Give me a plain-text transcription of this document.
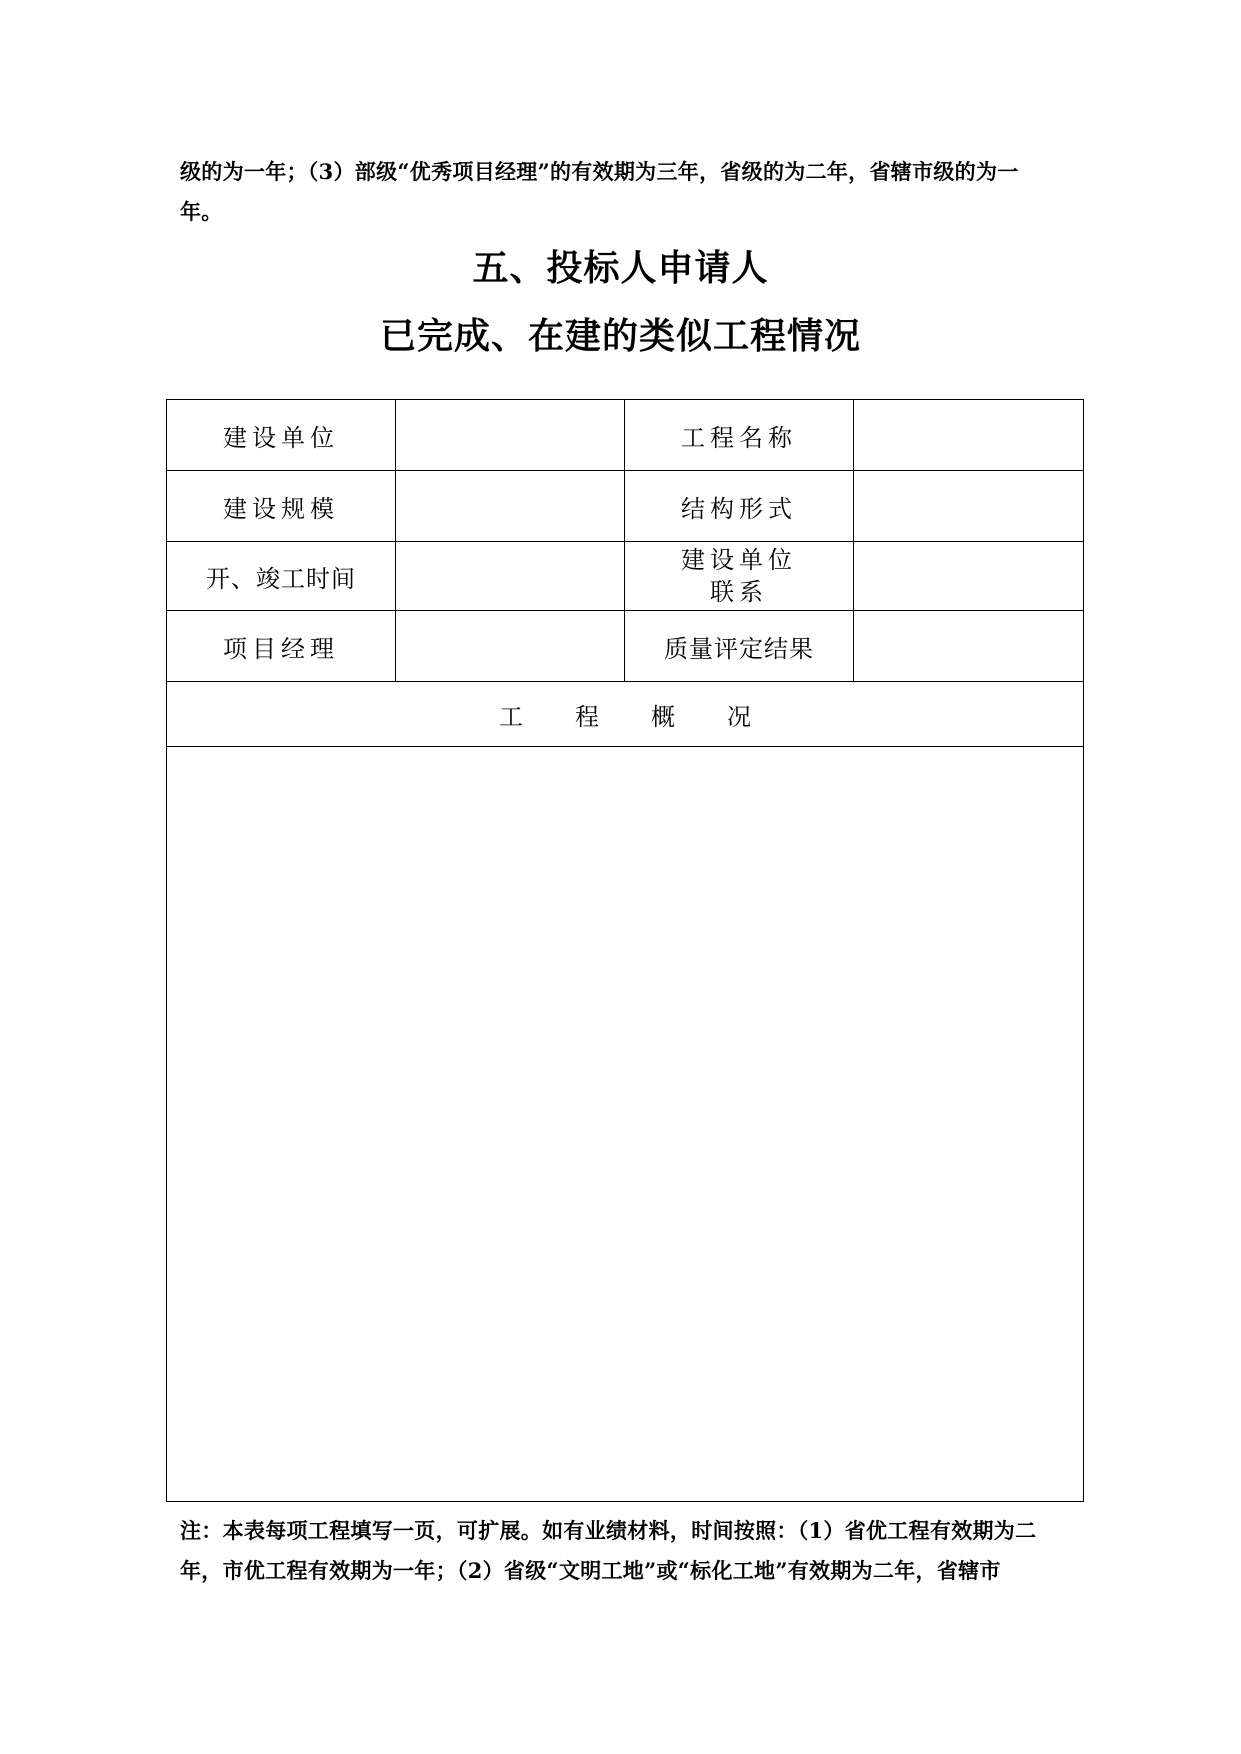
级的为一年；（3）部级“优秀项目经理”的有效期为三年，省级的为二年，省辖市级的为一
年。
五、投标人申请人
已完成、在建的类似工程情况
建设单位		工程名称	
建设规模		结构形式	
开、竣工时间		建设单位
联系	

项目经理		质量评定结果	
工 程 概 况			

注：本表每项工程填写一页，可扩展。如有业绩材料，时间按照：（1）省优工程有效期为二
年，市优工程有效期为一年；（2）省级“文明工地”或“标化工地”有效期为二年，省辖市
